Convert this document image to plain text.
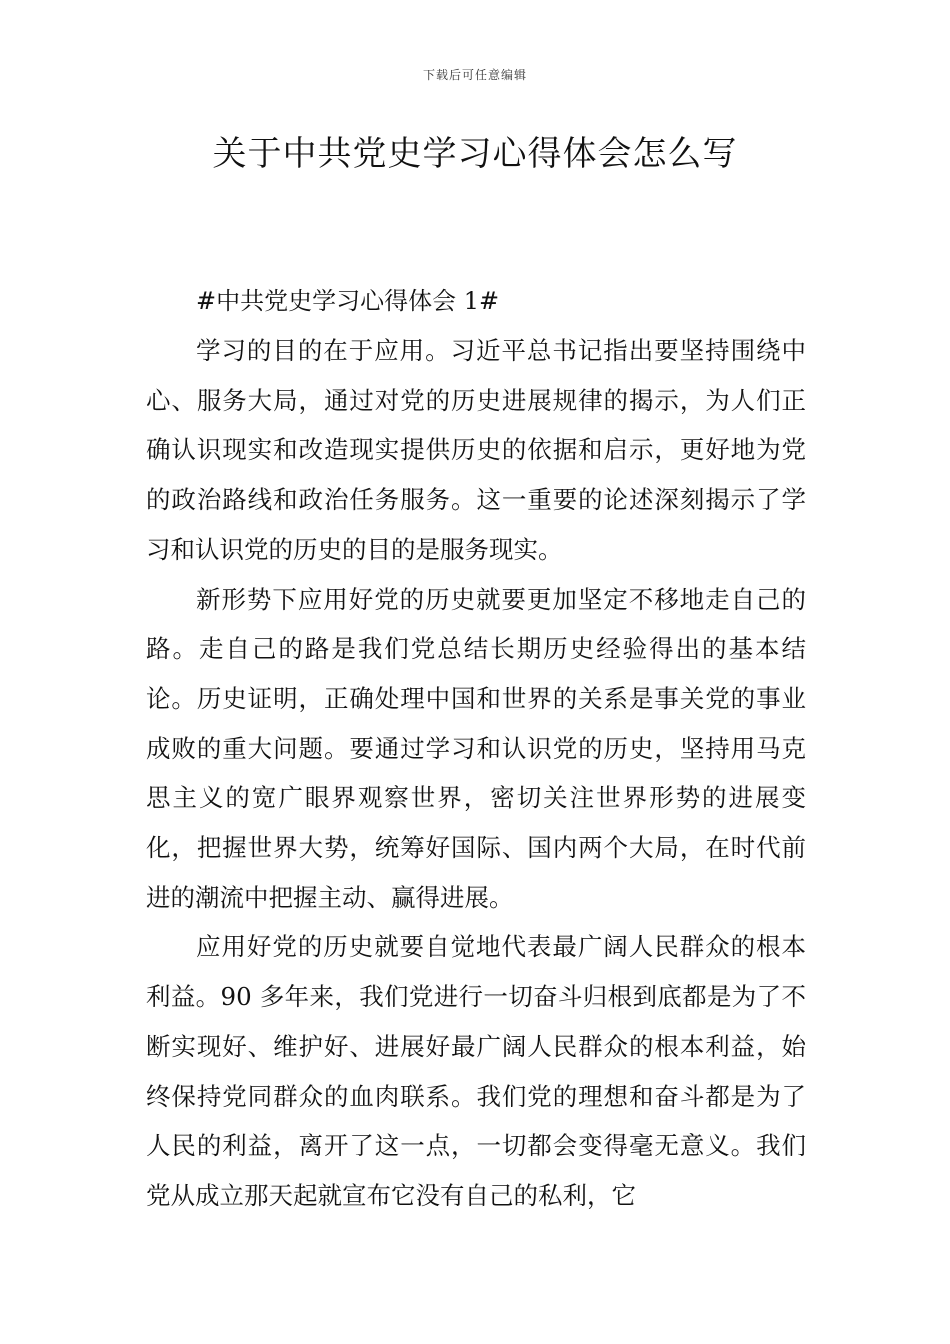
下载后可任意编辑
关于中共党史学习心得体会怎么写

#中共党史学习心得体会 1#

学习的目的在于应用。习近平总书记指出要坚持围绕中心、服务大局，通过对党的历史进展规律的揭示，为人们正确认识现实和改造现实提供历史的依据和启示，更好地为党的政治路线和政治任务服务。这一重要的论述深刻揭示了学习和认识党的历史的目的是服务现实。

新形势下应用好党的历史就要更加坚定不移地走自己的路。走自己的路是我们党总结长期历史经验得出的基本结论。历史证明，正确处理中国和世界的关系是事关党的事业成败的重大问题。要通过学习和认识党的历史，坚持用马克思主义的宽广眼界观察世界，密切关注世界形势的进展变化，把握世界大势，统筹好国际、国内两个大局，在时代前进的潮流中把握主动、赢得进展。

应用好党的历史就要自觉地代表最广阔人民群众的根本利益。90 多年来，我们党进行一切奋斗归根到底都是为了不断实现好、维护好、进展好最广阔人民群众的根本利益，始终保持党同群众的血肉联系。我们党的理想和奋斗都是为了人民的利益，离开了这一点，一切都会变得毫无意义。我们党从成立那天起就宣布它没有自己的私利，它
